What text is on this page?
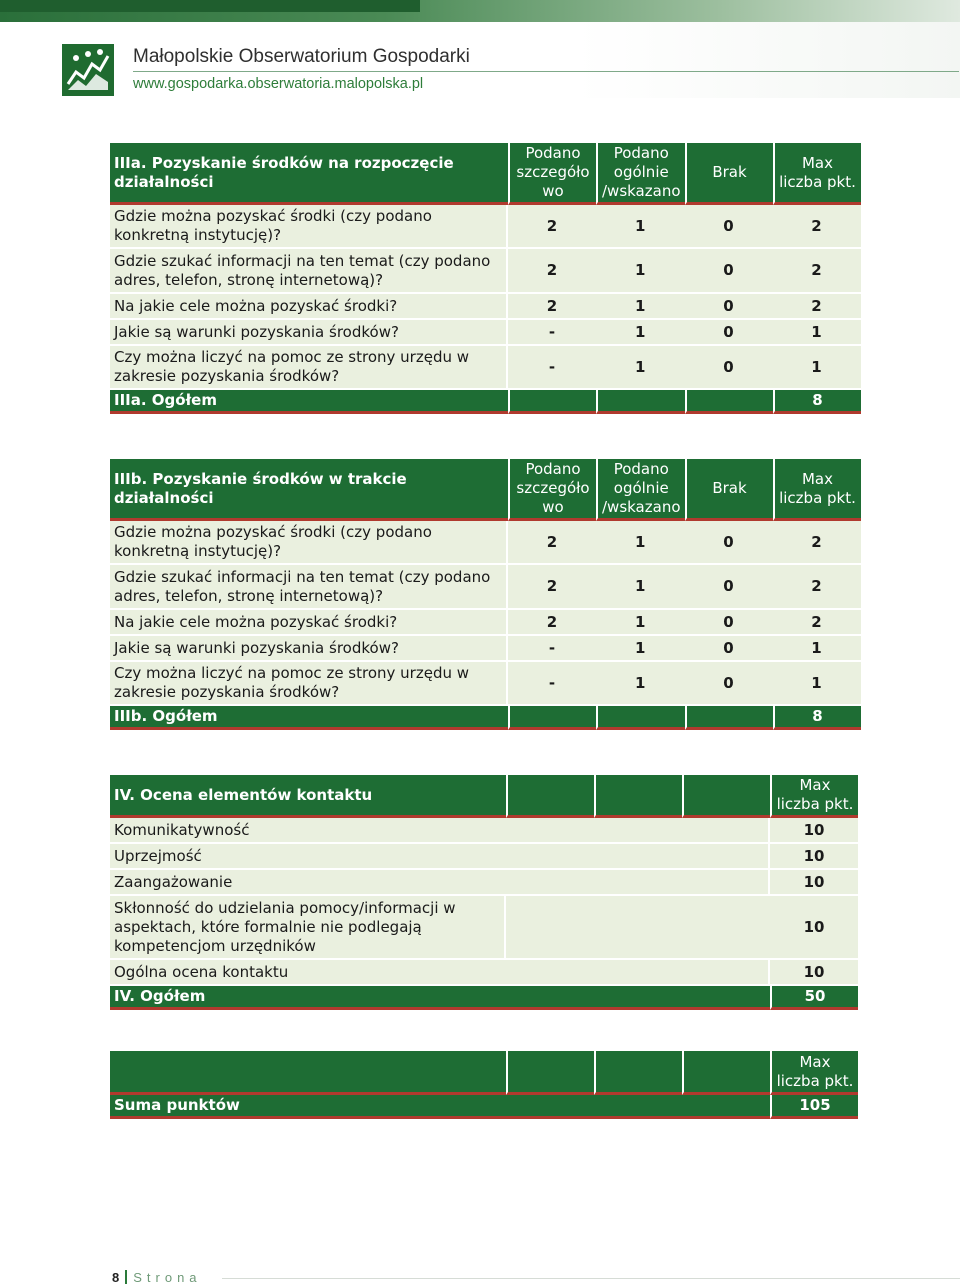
Małopolskie Obserwatorium Gospodarki
www.gospodarka.obserwatoria.malopolska.pl
IIIa. Pozyskanie środków na rozpoczęcie działalności	Podano szczegóło wo	Podano ogólnie /wskazano	Brak	Max liczba pkt.
Gdzie można pozyskać środki (czy podano konkretną instytucję)?	2	1	0	2
Gdzie szukać informacji na ten temat (czy podano adres, telefon, stronę internetową)?	2	1	0	2
Na jakie cele można pozyskać środki?	2	1	0	2
Jakie są warunki pozyskania środków?	-	1	0	1
Czy można liczyć na pomoc ze strony urzędu w zakresie pozyskania środków?	-	1	0	1
IIIa. Ogółem				8
IIIb. Pozyskanie środków w trakcie działalności	Podano szczegóło wo	Podano ogólnie /wskazano	Brak	Max liczba pkt.
Gdzie można pozyskać środki (czy podano konkretną instytucję)?	2	1	0	2
Gdzie szukać informacji na ten temat (czy podano adres, telefon, stronę internetową)?	2	1	0	2
Na jakie cele można pozyskać środki?	2	1	0	2
Jakie są warunki pozyskania środków?	-	1	0	1
Czy można liczyć na pomoc ze strony urzędu w zakresie pozyskania środków?	-	1	0	1
IIIb. Ogółem				8
IV. Ocena elementów kontaktu				Max liczba pkt.
Komunikatywność				10
Uprzejmość				10
Zaangażowanie				10
Skłonność do udzielania pomocy/informacji w aspektach, które formalnie nie podlegają kompetencjom urzędników				10
Ogólna ocena kontaktu				10
IV. Ogółem				50
				Max liczba pkt.
Suma punktów				105
8 Strona
